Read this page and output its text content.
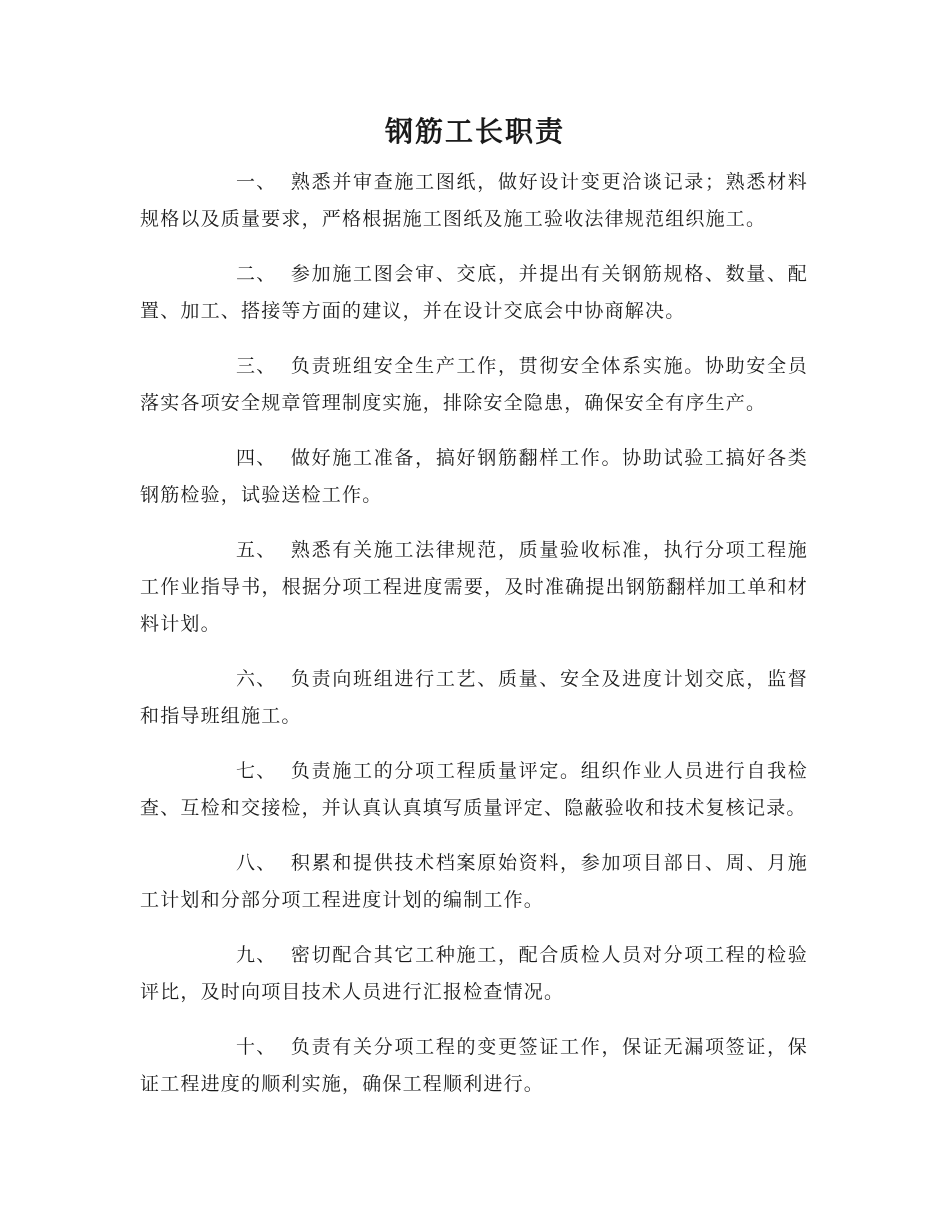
钢筋工长职责

一、 熟悉并审查施工图纸，做好设计变更洽谈记录；熟悉材料规格以及质量要求，严格根据施工图纸及施工验收法律规范组织施工。

二、 参加施工图会审、交底，并提出有关钢筋规格、数量、配置、加工、搭接等方面的建议，并在设计交底会中协商解决。

三、 负责班组安全生产工作，贯彻安全体系实施。协助安全员落实各项安全规章管理制度实施，排除安全隐患，确保安全有序生产。

四、 做好施工准备，搞好钢筋翻样工作。协助试验工搞好各类钢筋检验，试验送检工作。

五、 熟悉有关施工法律规范，质量验收标准，执行分项工程施工作业指导书，根据分项工程进度需要，及时准确提出钢筋翻样加工单和材料计划。

六、 负责向班组进行工艺、质量、安全及进度计划交底，监督和指导班组施工。

七、 负责施工的分项工程质量评定。组织作业人员进行自我检查、互检和交接检，并认真认真填写质量评定、隐蔽验收和技术复核记录。

八、 积累和提供技术档案原始资料，参加项目部日、周、月施工计划和分部分项工程进度计划的编制工作。

九、 密切配合其它工种施工，配合质检人员对分项工程的检验评比，及时向项目技术人员进行汇报检查情况。

十、 负责有关分项工程的变更签证工作，保证无漏项签证，保证工程进度的顺利实施，确保工程顺利进行。
